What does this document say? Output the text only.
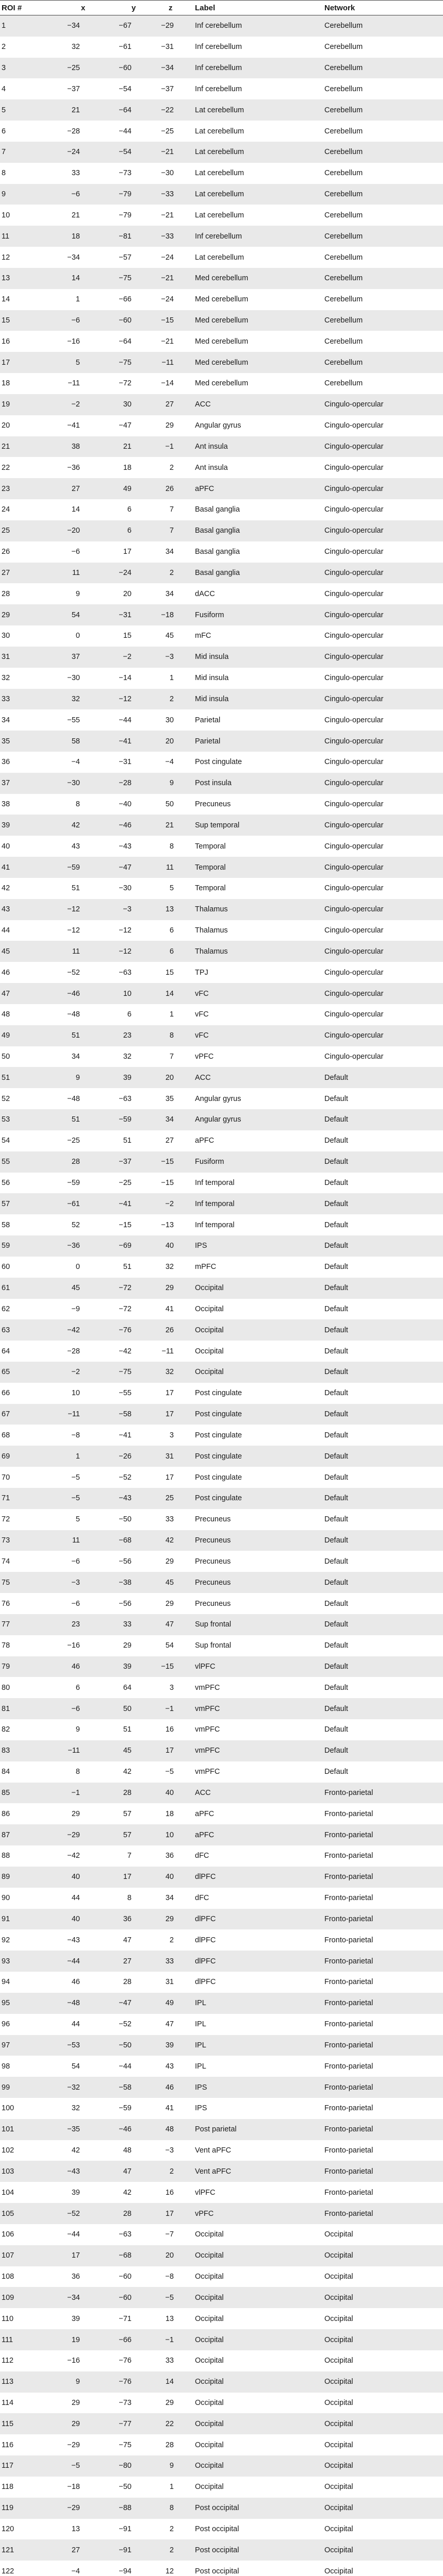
ROI #	x	y	z	Label	Network
1	−34	−67	−29	Inf cerebellum	Cerebellum
2	32	−61	−31	Inf cerebellum	Cerebellum
3	−25	−60	−34	Inf cerebellum	Cerebellum
4	−37	−54	−37	Inf cerebellum	Cerebellum
5	21	−64	−22	Lat cerebellum	Cerebellum
6	−28	−44	−25	Lat cerebellum	Cerebellum
7	−24	−54	−21	Lat cerebellum	Cerebellum
8	33	−73	−30	Lat cerebellum	Cerebellum
9	−6	−79	−33	Lat cerebellum	Cerebellum
10	21	−79	−21	Lat cerebellum	Cerebellum
11	18	−81	−33	Inf cerebellum	Cerebellum
12	−34	−57	−24	Lat cerebellum	Cerebellum
13	14	−75	−21	Med cerebellum	Cerebellum
14	1	−66	−24	Med cerebellum	Cerebellum
15	−6	−60	−15	Med cerebellum	Cerebellum
16	−16	−64	−21	Med cerebellum	Cerebellum
17	5	−75	−11	Med cerebellum	Cerebellum
18	−11	−72	−14	Med cerebellum	Cerebellum
19	−2	30	27	ACC	Cingulo-opercular
20	−41	−47	29	Angular gyrus	Cingulo-opercular
21	38	21	−1	Ant insula	Cingulo-opercular
22	−36	18	2	Ant insula	Cingulo-opercular
23	27	49	26	aPFC	Cingulo-opercular
24	14	6	7	Basal ganglia	Cingulo-opercular
25	−20	6	7	Basal ganglia	Cingulo-opercular
26	−6	17	34	Basal ganglia	Cingulo-opercular
27	11	−24	2	Basal ganglia	Cingulo-opercular
28	9	20	34	dACC	Cingulo-opercular
29	54	−31	−18	Fusiform	Cingulo-opercular
30	0	15	45	mFC	Cingulo-opercular
31	37	−2	−3	Mid insula	Cingulo-opercular
32	−30	−14	1	Mid insula	Cingulo-opercular
33	32	−12	2	Mid insula	Cingulo-opercular
34	−55	−44	30	Parietal	Cingulo-opercular
35	58	−41	20	Parietal	Cingulo-opercular
36	−4	−31	−4	Post cingulate	Cingulo-opercular
37	−30	−28	9	Post insula	Cingulo-opercular
38	8	−40	50	Precuneus	Cingulo-opercular
39	42	−46	21	Sup temporal	Cingulo-opercular
40	43	−43	8	Temporal	Cingulo-opercular
41	−59	−47	11	Temporal	Cingulo-opercular
42	51	−30	5	Temporal	Cingulo-opercular
43	−12	−3	13	Thalamus	Cingulo-opercular
44	−12	−12	6	Thalamus	Cingulo-opercular
45	11	−12	6	Thalamus	Cingulo-opercular
46	−52	−63	15	TPJ	Cingulo-opercular
47	−46	10	14	vFC	Cingulo-opercular
48	−48	6	1	vFC	Cingulo-opercular
49	51	23	8	vFC	Cingulo-opercular
50	34	32	7	vPFC	Cingulo-opercular
51	9	39	20	ACC	Default
52	−48	−63	35	Angular gyrus	Default
53	51	−59	34	Angular gyrus	Default
54	−25	51	27	aPFC	Default
55	28	−37	−15	Fusiform	Default
56	−59	−25	−15	Inf temporal	Default
57	−61	−41	−2	Inf temporal	Default
58	52	−15	−13	Inf temporal	Default
59	−36	−69	40	IPS	Default
60	0	51	32	mPFC	Default
61	45	−72	29	Occipital	Default
62	−9	−72	41	Occipital	Default
63	−42	−76	26	Occipital	Default
64	−28	−42	−11	Occipital	Default
65	−2	−75	32	Occipital	Default
66	10	−55	17	Post cingulate	Default
67	−11	−58	17	Post cingulate	Default
68	−8	−41	3	Post cingulate	Default
69	1	−26	31	Post cingulate	Default
70	−5	−52	17	Post cingulate	Default
71	−5	−43	25	Post cingulate	Default
72	5	−50	33	Precuneus	Default
73	11	−68	42	Precuneus	Default
74	−6	−56	29	Precuneus	Default
75	−3	−38	45	Precuneus	Default
76	−6	−56	29	Precuneus	Default
77	23	33	47	Sup frontal	Default
78	−16	29	54	Sup frontal	Default
79	46	39	−15	vlPFC	Default
80	6	64	3	vmPFC	Default
81	−6	50	−1	vmPFC	Default
82	9	51	16	vmPFC	Default
83	−11	45	17	vmPFC	Default
84	8	42	−5	vmPFC	Default
85	−1	28	40	ACC	Fronto-parietal
86	29	57	18	aPFC	Fronto-parietal
87	−29	57	10	aPFC	Fronto-parietal
88	−42	7	36	dFC	Fronto-parietal
89	40	17	40	dlPFC	Fronto-parietal
90	44	8	34	dFC	Fronto-parietal
91	40	36	29	dlPFC	Fronto-parietal
92	−43	47	2	dlPFC	Fronto-parietal
93	−44	27	33	dlPFC	Fronto-parietal
94	46	28	31	dlPFC	Fronto-parietal
95	−48	−47	49	IPL	Fronto-parietal
96	44	−52	47	IPL	Fronto-parietal
97	−53	−50	39	IPL	Fronto-parietal
98	54	−44	43	IPL	Fronto-parietal
99	−32	−58	46	IPS	Fronto-parietal
100	32	−59	41	IPS	Fronto-parietal
101	−35	−46	48	Post parietal	Fronto-parietal
102	42	48	−3	Vent aPFC	Fronto-parietal
103	−43	47	2	Vent aPFC	Fronto-parietal
104	39	42	16	vlPFC	Fronto-parietal
105	−52	28	17	vPFC	Fronto-parietal
106	−44	−63	−7	Occipital	Occipital
107	17	−68	20	Occipital	Occipital
108	36	−60	−8	Occipital	Occipital
109	−34	−60	−5	Occipital	Occipital
110	39	−71	13	Occipital	Occipital
111	19	−66	−1	Occipital	Occipital
112	−16	−76	33	Occipital	Occipital
113	9	−76	14	Occipital	Occipital
114	29	−73	29	Occipital	Occipital
115	29	−77	22	Occipital	Occipital
116	−29	−75	28	Occipital	Occipital
117	−5	−80	9	Occipital	Occipital
118	−18	−50	1	Occipital	Occipital
119	−29	−88	8	Post occipital	Occipital
120	13	−91	2	Post occipital	Occipital
121	27	−91	2	Post occipital	Occipital
122	−4	−94	12	Post occipital	Occipital
